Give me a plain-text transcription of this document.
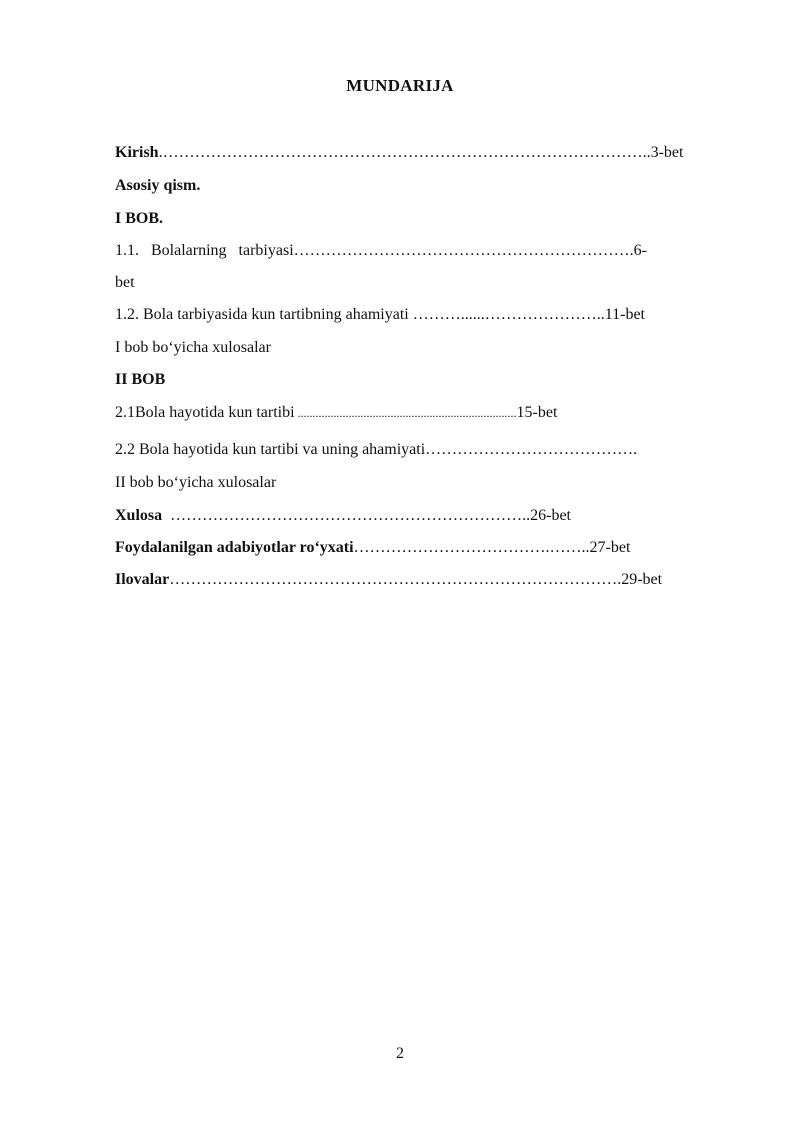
MUNDARIJA
Kirish.………………………………………………………………………………..3-bet
Asosiy qism.
I BOB.
1.1. Bolalarning tarbiyasi……………………………………………………….6-
bet
1.2. Bola tarbiyasida kun tartibning ahamiyati ………......…………………..11-bet
I bob bo‘yicha xulosalar
II BOB
2.1Bola hayotida kun tartibi .........................................................................15-bet
2.2 Bola hayotida kun tartibi va uning ahamiyati………………………………….
II bob bo‘yicha xulosalar
Xulosa  …………………………………………………………..26-bet
Foydalanilgan adabiyotlar ro‘yxati……………………………….……..27-bet
Ilovalar………………………………………………………………………….29-bet
2
